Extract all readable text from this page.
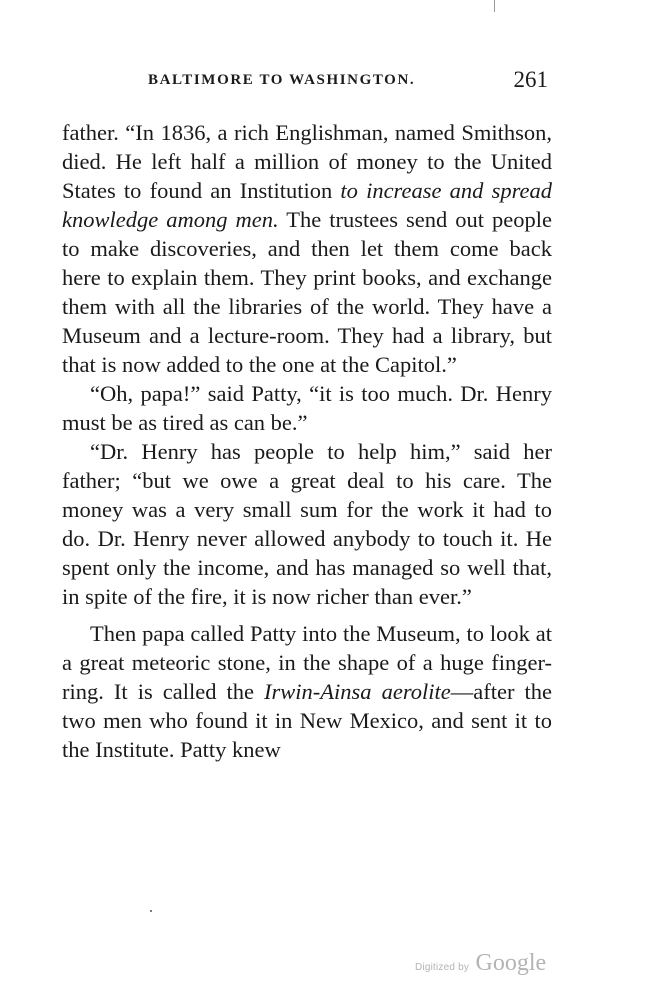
BALTIMORE TO WASHINGTON.	261

father. “In 1836, a rich Englishman, named Smithson, died. He left half a million of money to the United States to found an Institution to increase and spread knowledge among men. The trustees send out people to make discoveries, and then let them come back here to explain them. They print books, and exchange them with all the libraries of the world. They have a Museum and a lecture-room. They had a library, but that is now added to the one at the Capitol.”

“Oh, papa!” said Patty, “it is too much. Dr. Henry must be as tired as can be.”

“Dr. Henry has people to help him,” said her father; “but we owe a great deal to his care. The money was a very small sum for the work it had to do. Dr. Henry never allowed anybody to touch it. He spent only the income, and has managed so well that, in spite of the fire, it is now richer than ever.”

Then papa called Patty into the Museum, to look at a great meteoric stone, in the shape of a huge finger-ring. It is called the Irwin-Ainsa aerolite—after the two men who found it in New Mexico, and sent it to the Institute. Patty knew

Digitized by Google
